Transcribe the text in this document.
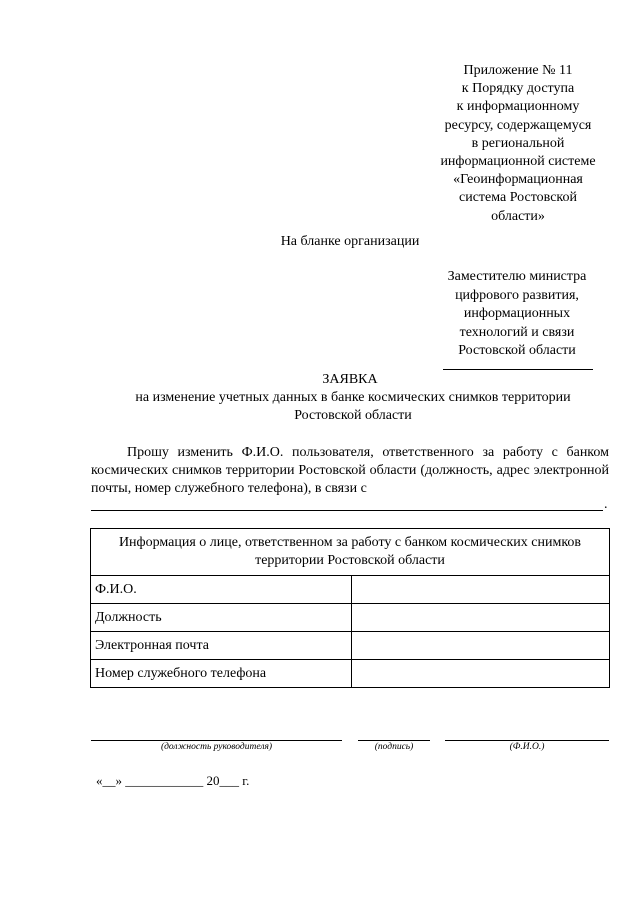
Приложение № 11
к Порядку доступа
к информационному
ресурсу, содержащемуся
в региональной
информационной системе
«Геоинформационная
система Ростовской
области»
На бланке организации
Заместителю министра
цифрового развития,
информационных
технологий и связи
Ростовской области
ЗАЯВКА
на изменение учетных данных в банке космических снимков территории Ростовской области
Прошу изменить Ф.И.О. пользователя, ответственного за работу с банком космических снимков территории Ростовской области (должность, адрес электронной почты, номер служебного телефона), в связи с
.
Информация о лице, ответственном за работу с банком космических снимков территории Ростовской области	
Ф.И.О.	
Должность	
Электронная почта	
Номер служебного телефона	
(должность руководителя)	(подпись)	(Ф.И.О.)
«__» ____________ 20___ г.
